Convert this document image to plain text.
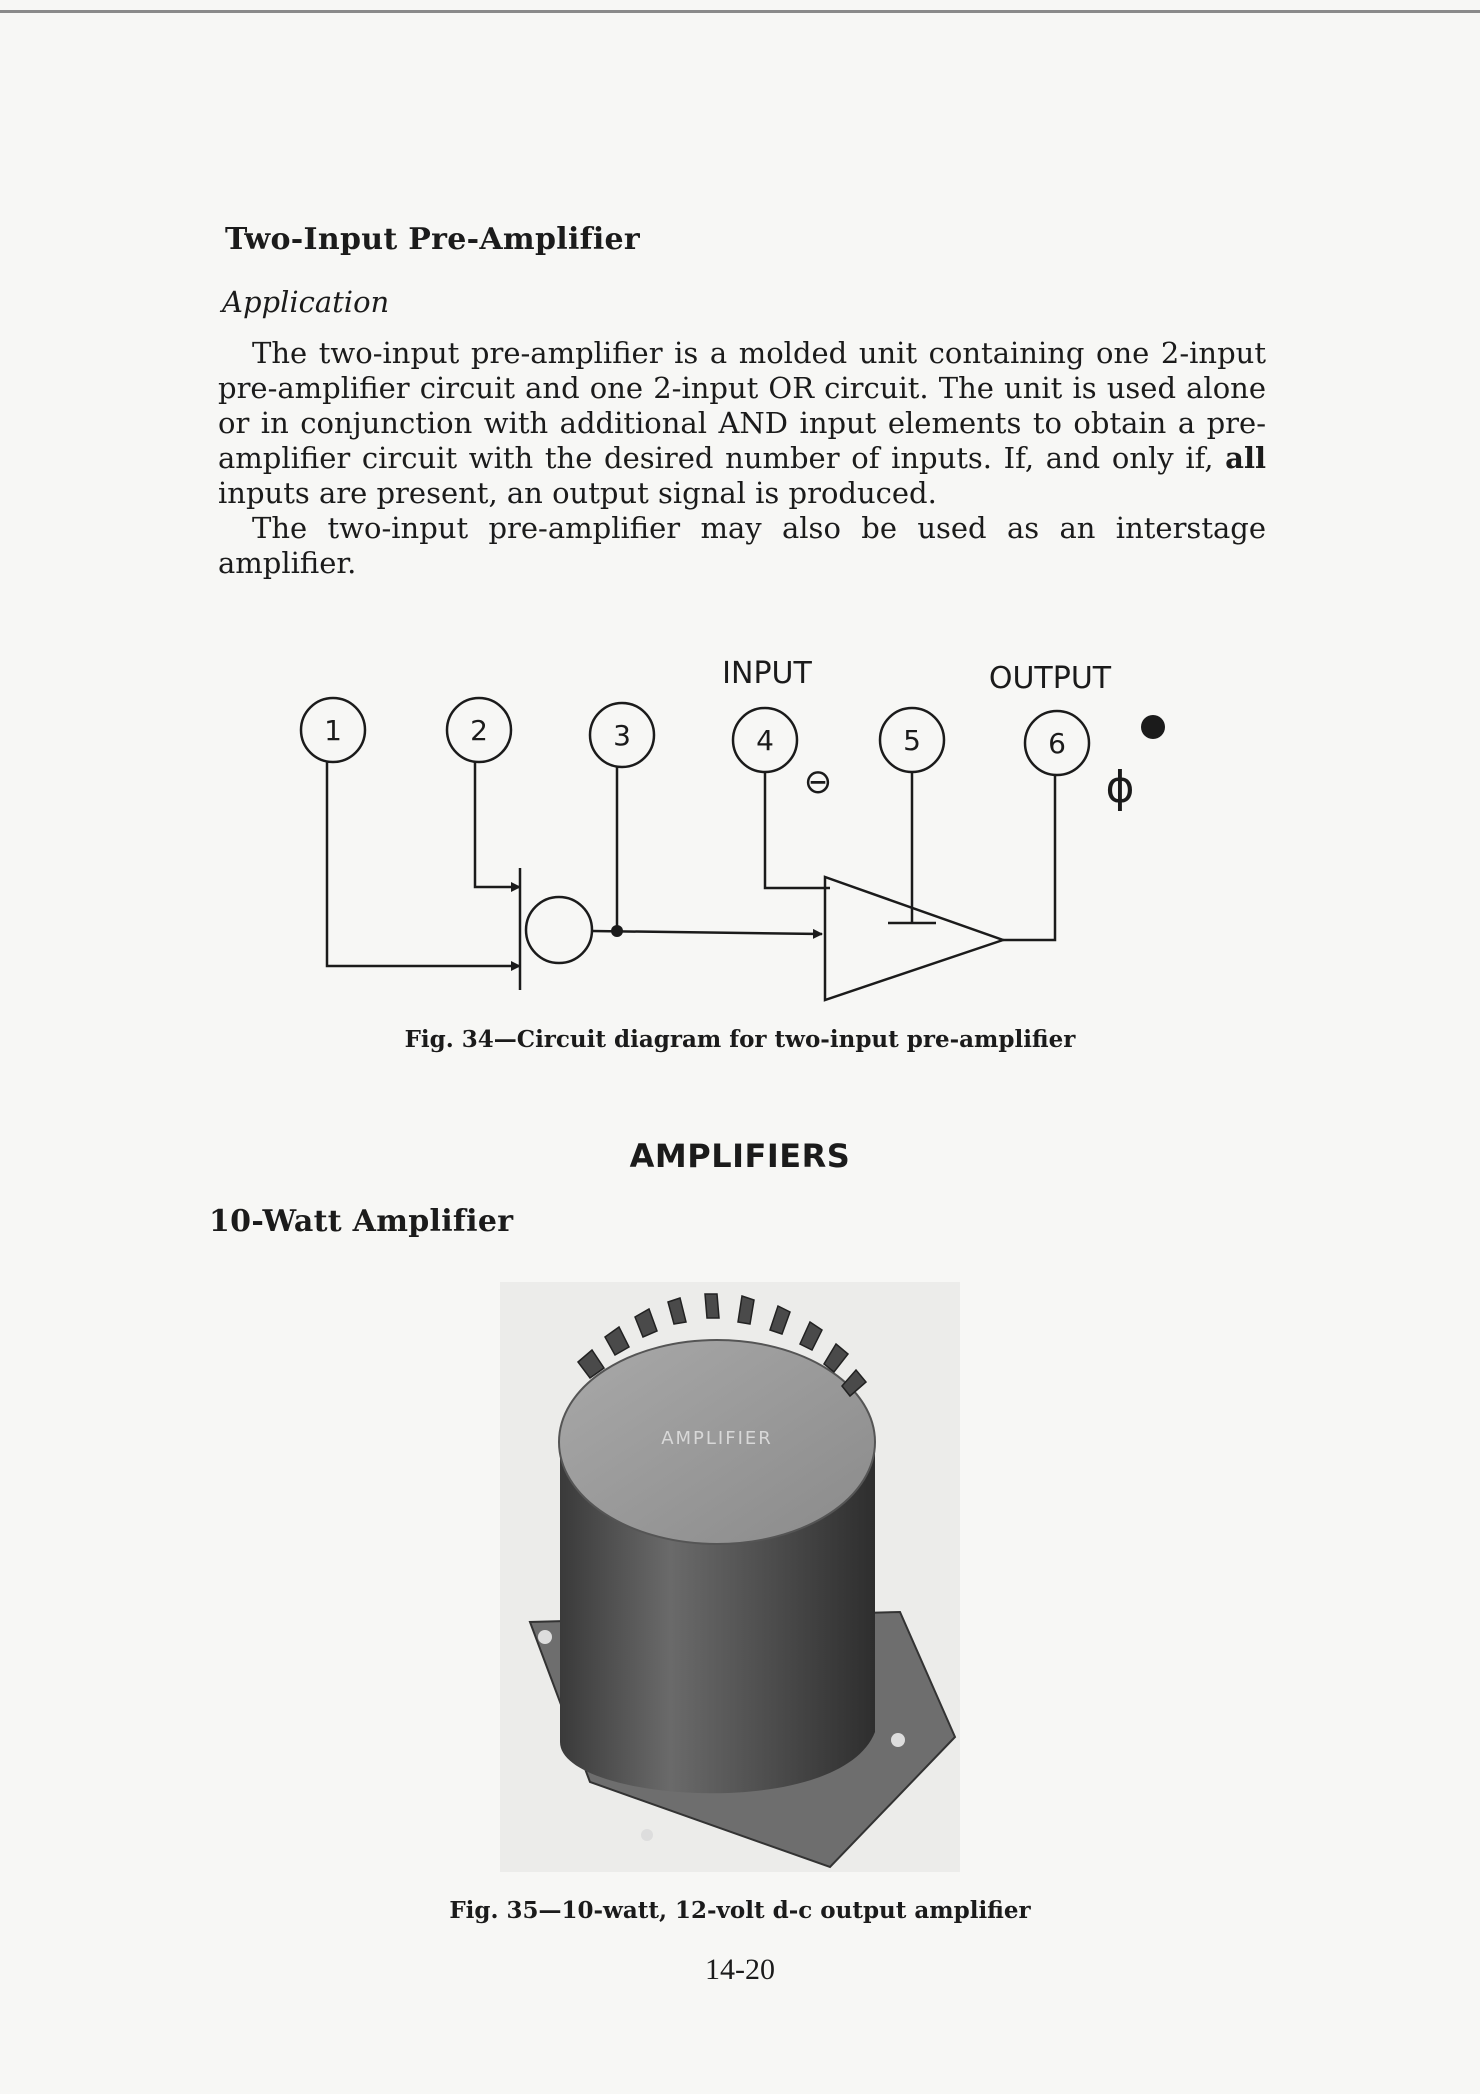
Two-Input Pre-Amplifier
Application

The two-input pre-amplifier is a molded unit containing one 2-input pre-amplifier circuit and one 2-input OR circuit. The unit is used alone or in conjunction with additional AND input elements to obtain a pre-amplifier circuit with the desired number of inputs. If, and only if, all inputs are present, an output signal is produced.

The two-input pre-amplifier may also be used as an interstage amplifier.

1	2	3	4	5	6
INPUT	OUTPUT
⊖	ϕ
Fig. 34—Circuit diagram for two-input pre-amplifier
AMPLIFIERS
10-Watt Amplifier
AMPLIFIER
Fig. 35—10-watt, 12-volt d-c output amplifier
14-20
